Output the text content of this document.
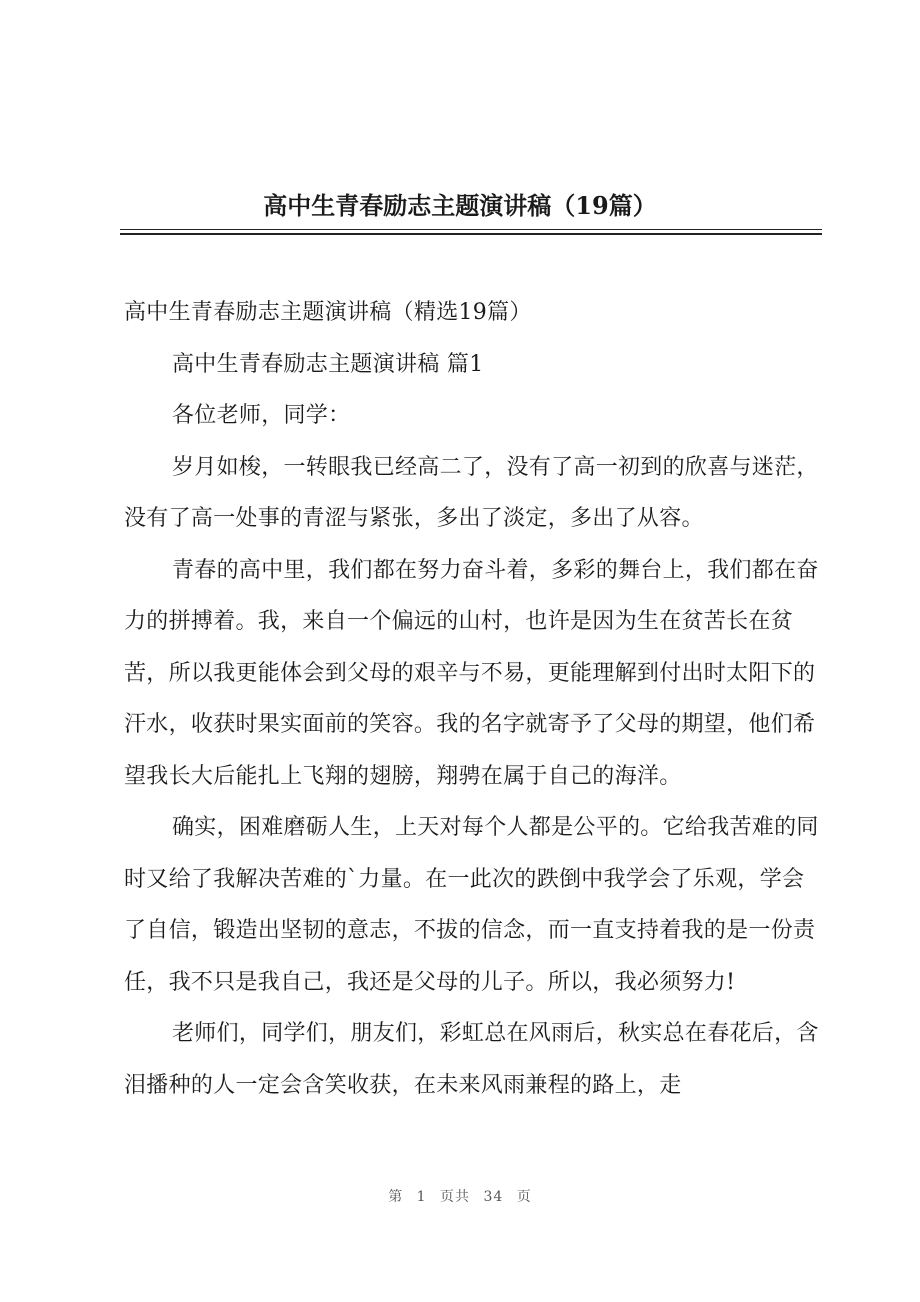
高中生青春励志主题演讲稿（19篇）

高中生青春励志主题演讲稿（精选19篇）

高中生青春励志主题演讲稿 篇1

各位老师，同学：

岁月如梭，一转眼我已经高二了，没有了高一初到的欣喜与迷茫，没有了高一处事的青涩与紧张，多出了淡定，多出了从容。

青春的高中里，我们都在努力奋斗着，多彩的舞台上，我们都在奋力的拼搏着。我，来自一个偏远的山村，也许是因为生在贫苦长在贫苦，所以我更能体会到父母的艰辛与不易，更能理解到付出时太阳下的汗水，收获时果实面前的笑容。我的名字就寄予了父母的期望，他们希望我长大后能扎上飞翔的翅膀，翔骋在属于自己的海洋。

确实，困难磨砺人生，上天对每个人都是公平的。它给我苦难的同时又给了我解决苦难的`力量。在一此次的跌倒中我学会了乐观，学会了自信，锻造出坚韧的意志，不拔的信念，而一直支持着我的是一份责任，我不只是我自己，我还是父母的儿子。所以，我必须努力!

老师们，同学们，朋友们，彩虹总在风雨后，秋实总在春花后，含泪播种的人一定会含笑收获，在未来风雨兼程的路上，走

第 1 页共 34 页
